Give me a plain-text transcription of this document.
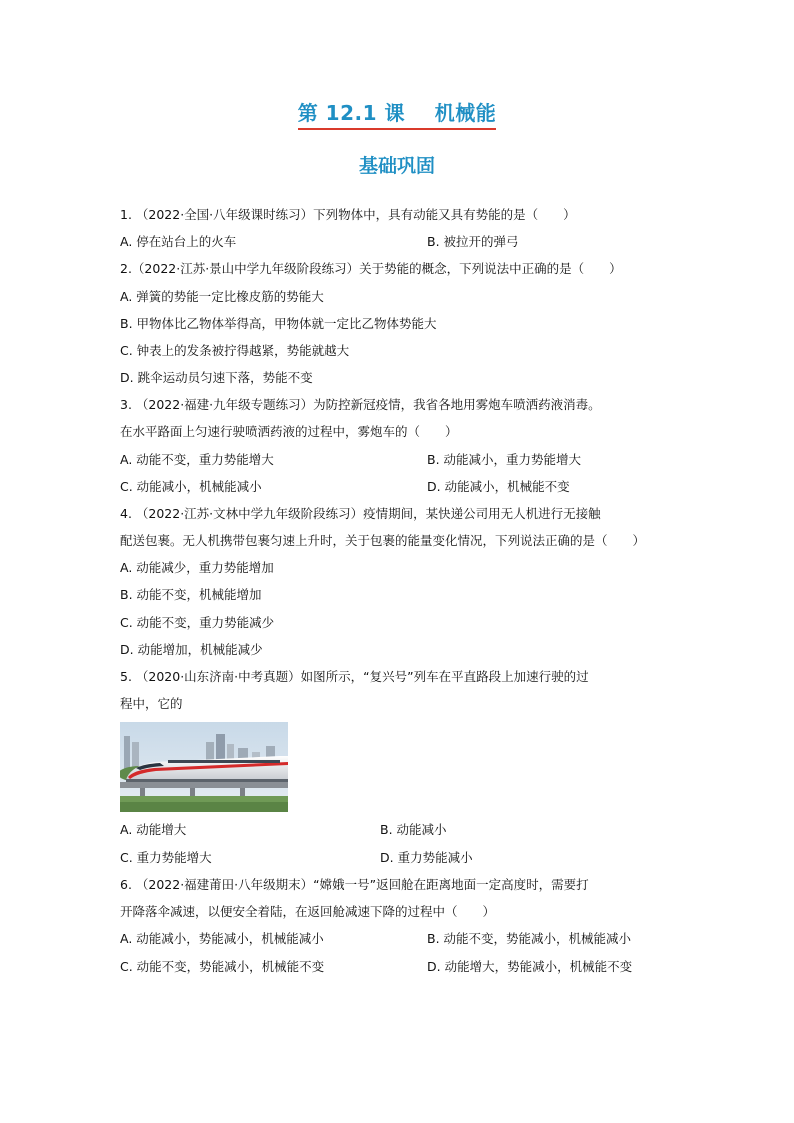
第 12.1 课    机械能
基础巩固
1. （2022·全国·八年级课时练习）下列物体中，具有动能又具有势能的是（　　）
A. 停在站台上的火车	B. 被拉开的弹弓
2.（2022·江苏·景山中学九年级阶段练习）关于势能的概念，下列说法中正确的是（　　）
A. 弹簧的势能一定比橡皮筋的势能大
B. 甲物体比乙物体举得高，甲物体就一定比乙物体势能大
C. 钟表上的发条被拧得越紧，势能就越大
D. 跳伞运动员匀速下落，势能不变
3. （2022·福建·九年级专题练习）为防控新冠疫情，我省各地用雾炮车喷洒药液消毒。
在水平路面上匀速行驶喷洒药液的过程中，雾炮车的（　　）
A. 动能不变，重力势能增大	B. 动能减小，重力势能增大
C. 动能减小，机械能减小	D. 动能减小，机械能不变
4. （2022·江苏·文林中学九年级阶段练习）疫情期间，某快递公司用无人机进行无接触
配送包裹。无人机携带包裹匀速上升时，关于包裹的能量变化情况，下列说法正确的是（　　）
A. 动能减少，重力势能增加
B. 动能不变，机械能增加
C. 动能不变，重力势能减少
D. 动能增加，机械能减少
5. （2020·山东济南·中考真题）如图所示，“复兴号”列车在平直路段上加速行驶的过
程中，它的
A. 动能增大	B. 动能减小
C. 重力势能增大	D. 重力势能减小
6. （2022·福建莆田·八年级期末）“嫦娥一号”返回舱在距离地面一定高度时，需要打
开降落伞减速，以便安全着陆，在返回舱减速下降的过程中（　　）
A. 动能减小，势能减小，机械能减小	B. 动能不变，势能减小，机械能减小
C. 动能不变，势能减小，机械能不变	D. 动能增大，势能减小，机械能不变
